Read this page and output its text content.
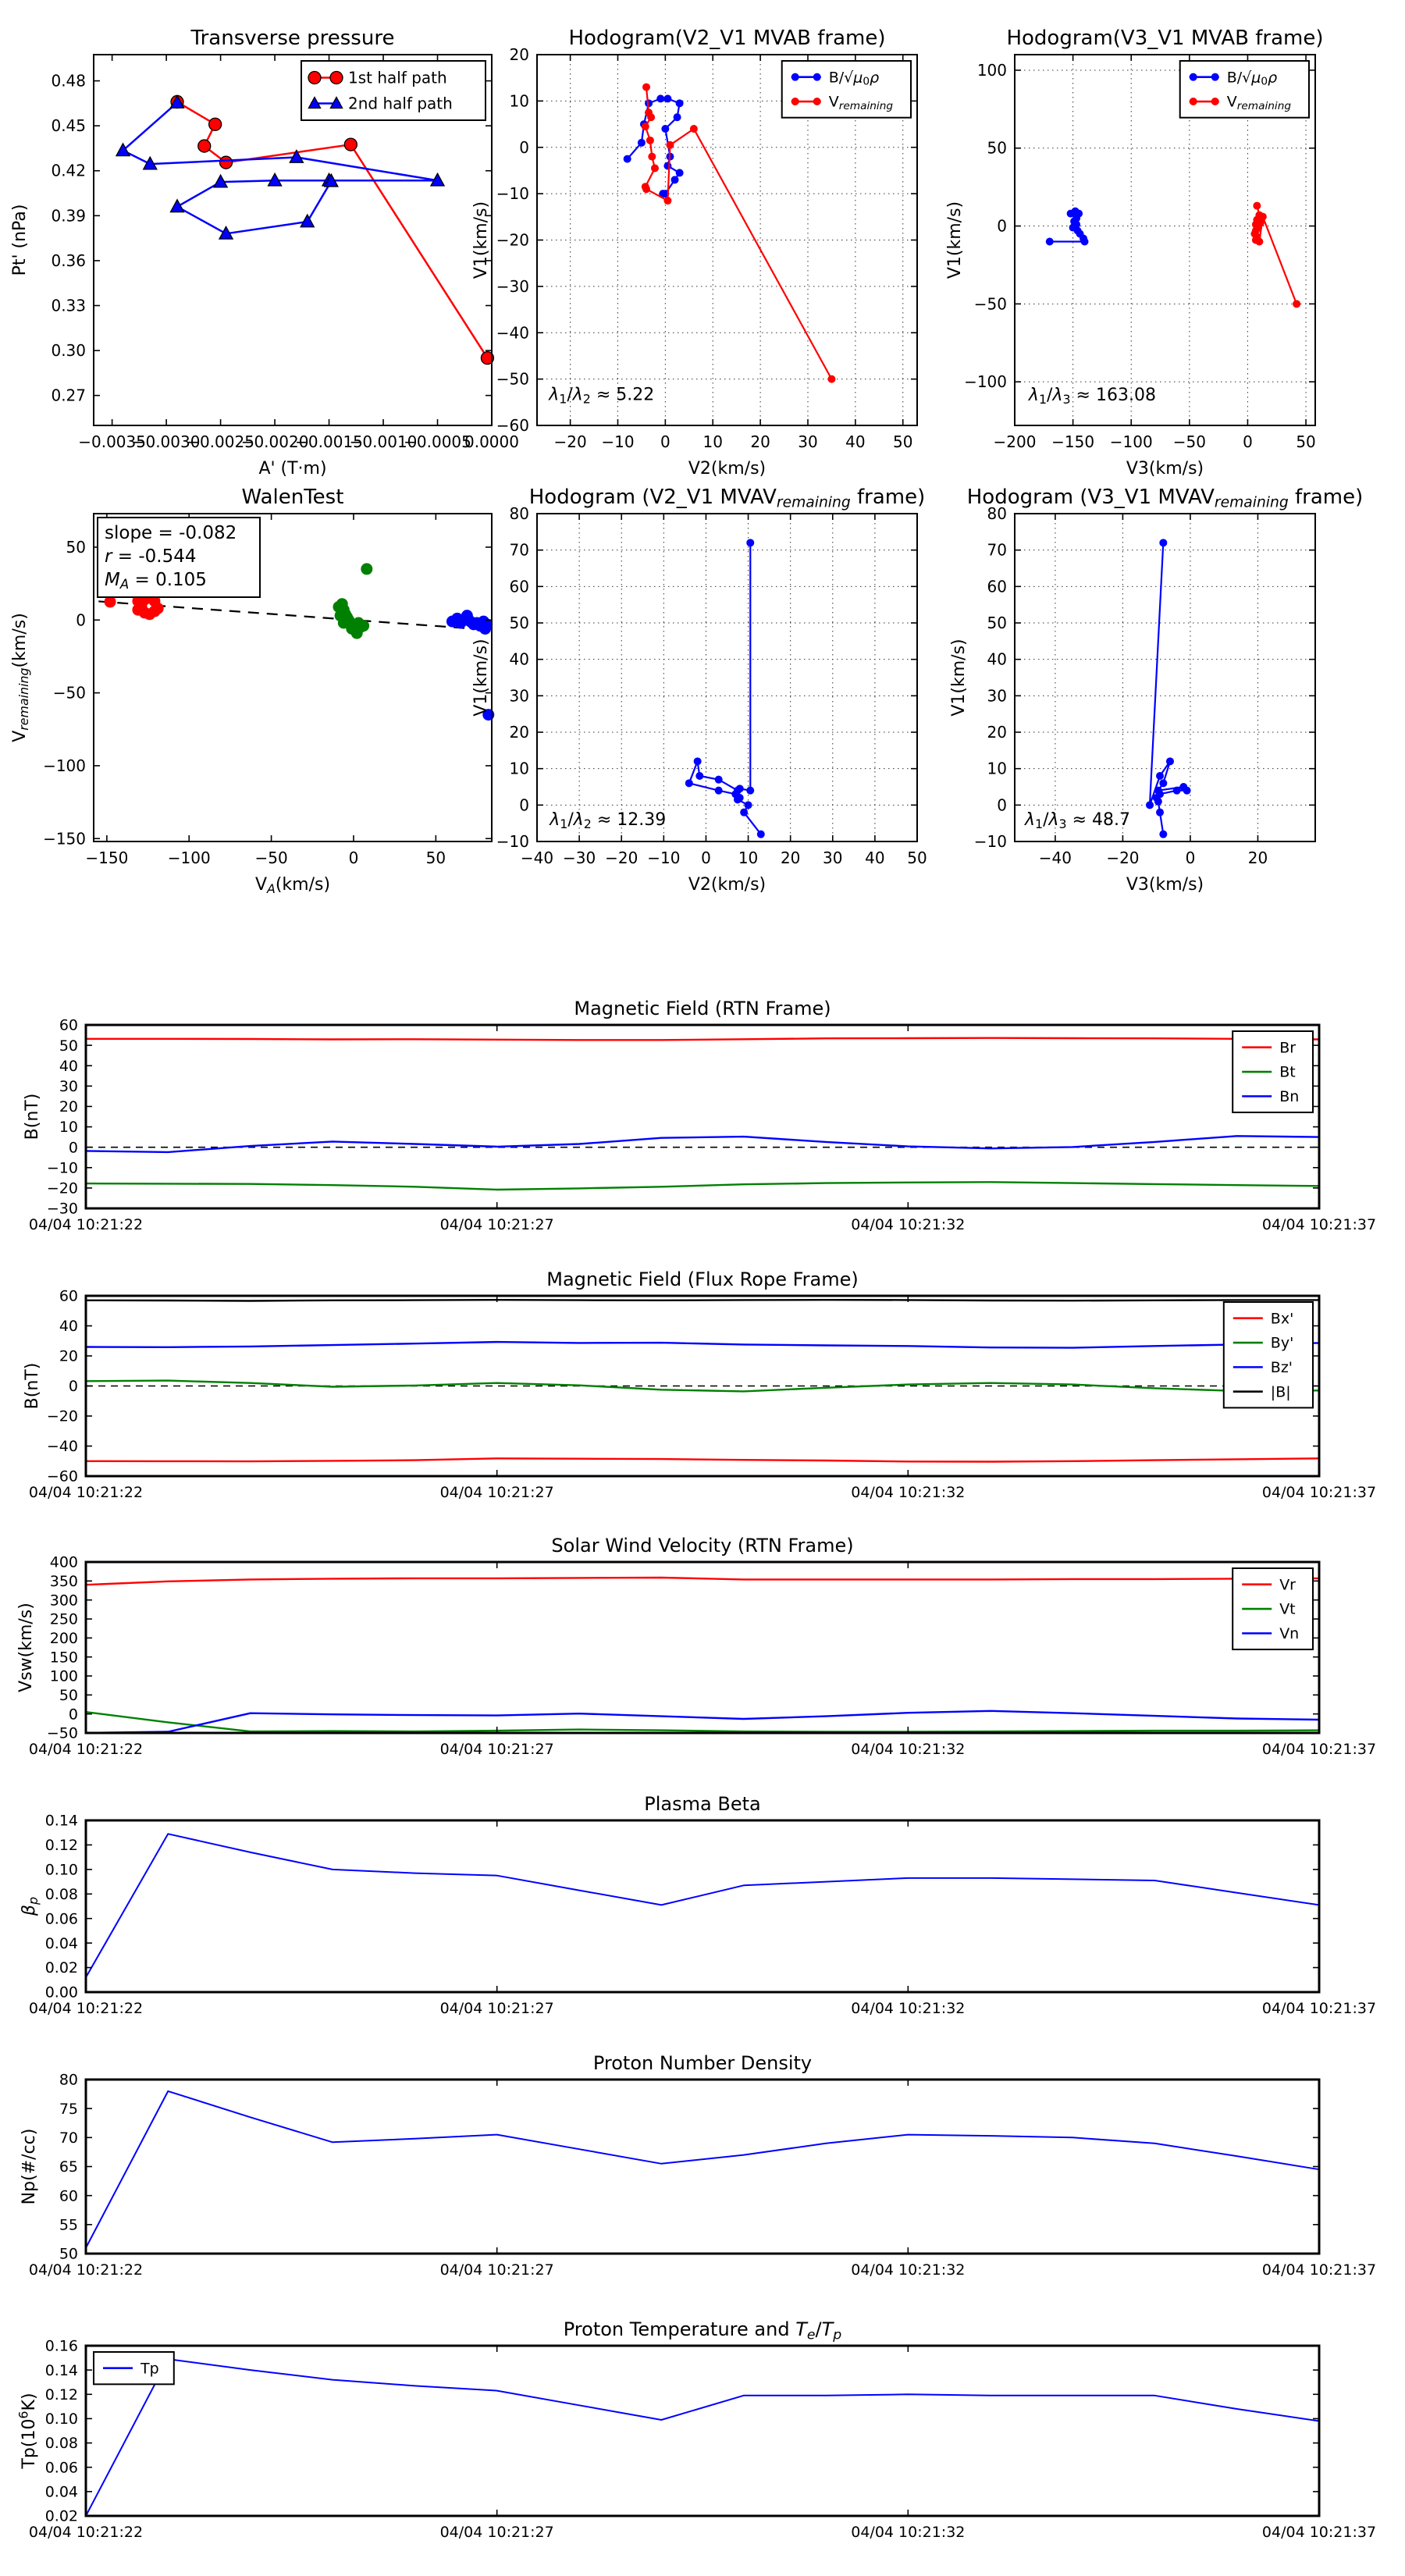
−0.0035
−0.0030
−0.0025
−0.0020
−0.0015
−0.0010
−0.0005
0.0000
0.27
0.30
0.33
0.36
0.39
0.42
0.45
0.48
Transverse pressure
A' (T·m)
Pt' (nPa)
1st half path
2nd half path
−20 −10 0 10 20 30 40 50
−60
−50
−40
−30
−20
−10
0
10
20
Hodogram(V2_V1 MVAB frame)
V2(km/s)
V1(km/s)
λ1/λ2 ≈ 5.22
B/√μ0ρ
Vremaining
−200 −150 −100 −50 0	50
−100
−50
0
50
100
Hodogram(V3_V1 MVAB frame)
V3(km/s)
V1(km/s)
λ1/λ3 ≈ 163.08
B/√μ0ρ
Vremaining
−150	−100	−50	0	50
−150
−100
−50
0
50
WalenTest
VA(km/s)
Vremaining(km/s)
slope = -0.082
r = -0.544
MA = 0.105
−40 −30 −20 −10 0 10 20 30 40 50
−10
0
10
20
30
40
50
60
70
80
Hodogram (V2_V1 MVAVremaining frame)
V2(km/s)
V1(km/s)
λ1/λ2 ≈ 12.39
−40 −20	0	20
−10
0
10
20
30
40
50
60
70
80
Hodogram (V3_V1 MVAVremaining frame)
V3(km/s)
V1(km/s)
λ1/λ3 ≈ 48.7
04/04 10:21:22	04/04 10:21:27	04/04 10:21:32	04/04 10:21:37
−30
−20
−10
0
10
20
30
40
50
60
Magnetic Field (RTN Frame)
B(nT)
Br
Bt
Bn
04/04 10:21:22	04/04 10:21:27	04/04 10:21:32	04/04 10:21:37
−60
−40
−20
0
20
40
60
Magnetic Field (Flux Rope Frame)
B(nT)
Bx'
By'
Bz'
|B|
04/04 10:21:22	04/04 10:21:27	04/04 10:21:32	04/04 10:21:37
−50
0
50
100
150
200
250
300
350
400
Solar Wind Velocity (RTN Frame)
Vsw(km/s)
Vr
Vt
Vn
04/04 10:21:22	04/04 10:21:27	04/04 10:21:32	04/04 10:21:37
0.00
0.02
0.04
0.06
0.08
0.10
0.12
0.14
Plasma Beta
βp
04/04 10:21:22	04/04 10:21:27	04/04 10:21:32	04/04 10:21:37
50
55
60
65
70
75
80
Proton Number Density
Np(#/cc)
04/04 10:21:22	04/04 10:21:27	04/04 10:21:32	04/04 10:21:37
0.02
0.04
0.06
0.08
0.10
0.12
0.14
0.16
Proton Temperature and Te/Tp
$Tp(10^6K)$
Tp
